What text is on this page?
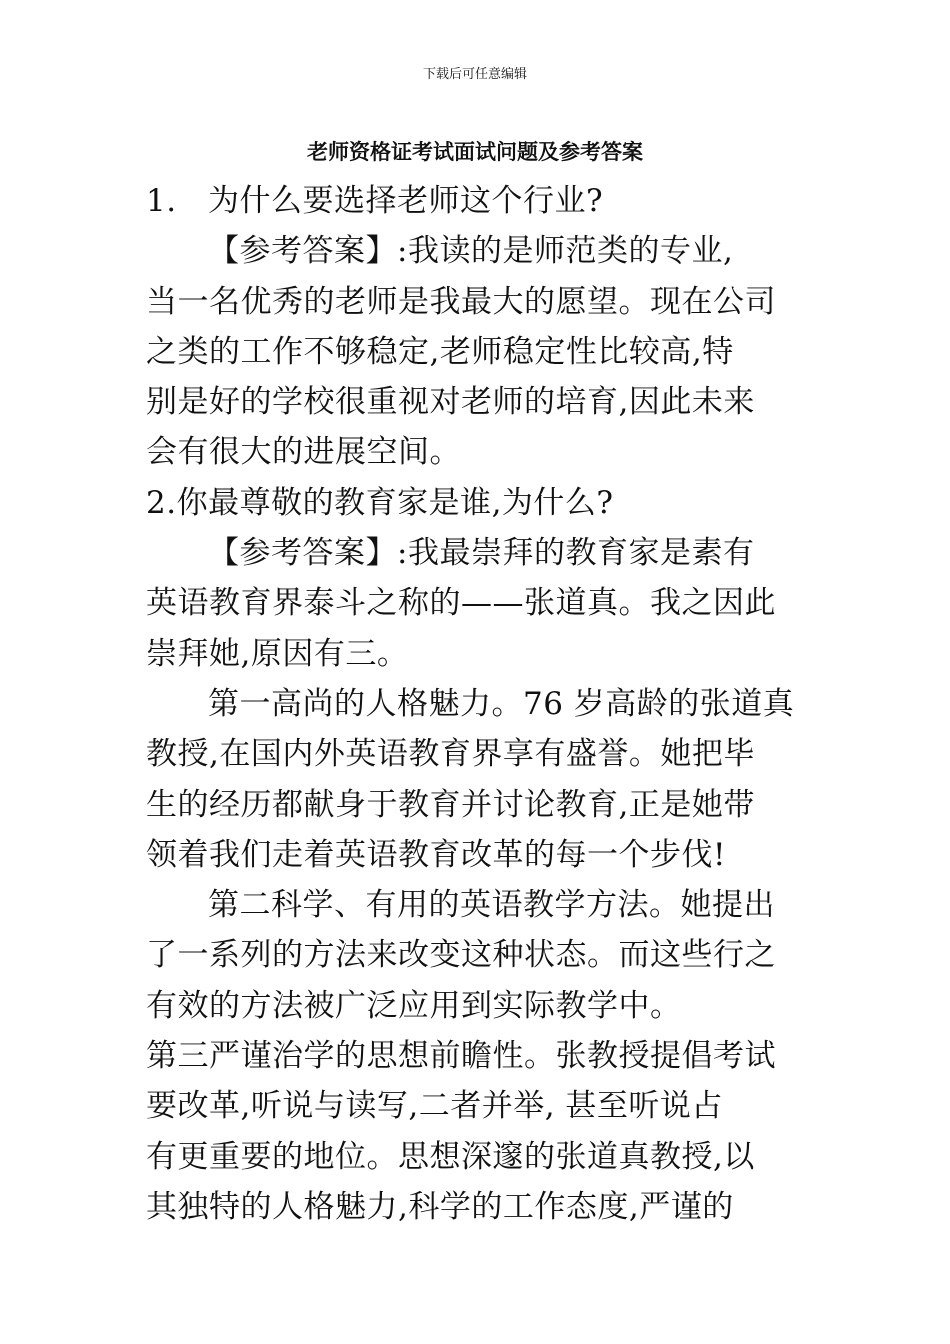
下载后可任意编辑
老师资格证考试面试问题及参考答案
1. 为什么要选择老师这个行业?
【参考答案】:我读的是师范类的专业,
当一名优秀的老师是我最大的愿望。现在公司
之类的工作不够稳定,老师稳定性比较高,特
别是好的学校很重视对老师的培育,因此未来
会有很大的进展空间。
2.你最尊敬的教育家是谁,为什么?
【参考答案】:我最崇拜的教育家是素有
英语教育界泰斗之称的——张道真。我之因此
崇拜她,原因有三。
第一高尚的人格魅力。76 岁高龄的张道真
教授,在国内外英语教育界享有盛誉。她把毕
生的经历都献身于教育并讨论教育,正是她带
领着我们走着英语教育改革的每一个步伐!
第二科学、有用的英语教学方法。她提出
了一系列的方法来改变这种状态。而这些行之
有效的方法被广泛应用到实际教学中。
第三严谨治学的思想前瞻性。张教授提倡考试
要改革,听说与读写,二者并举, 甚至听说占
有更重要的地位。思想深邃的张道真教授,以
其独特的人格魅力,科学的工作态度,严谨的
